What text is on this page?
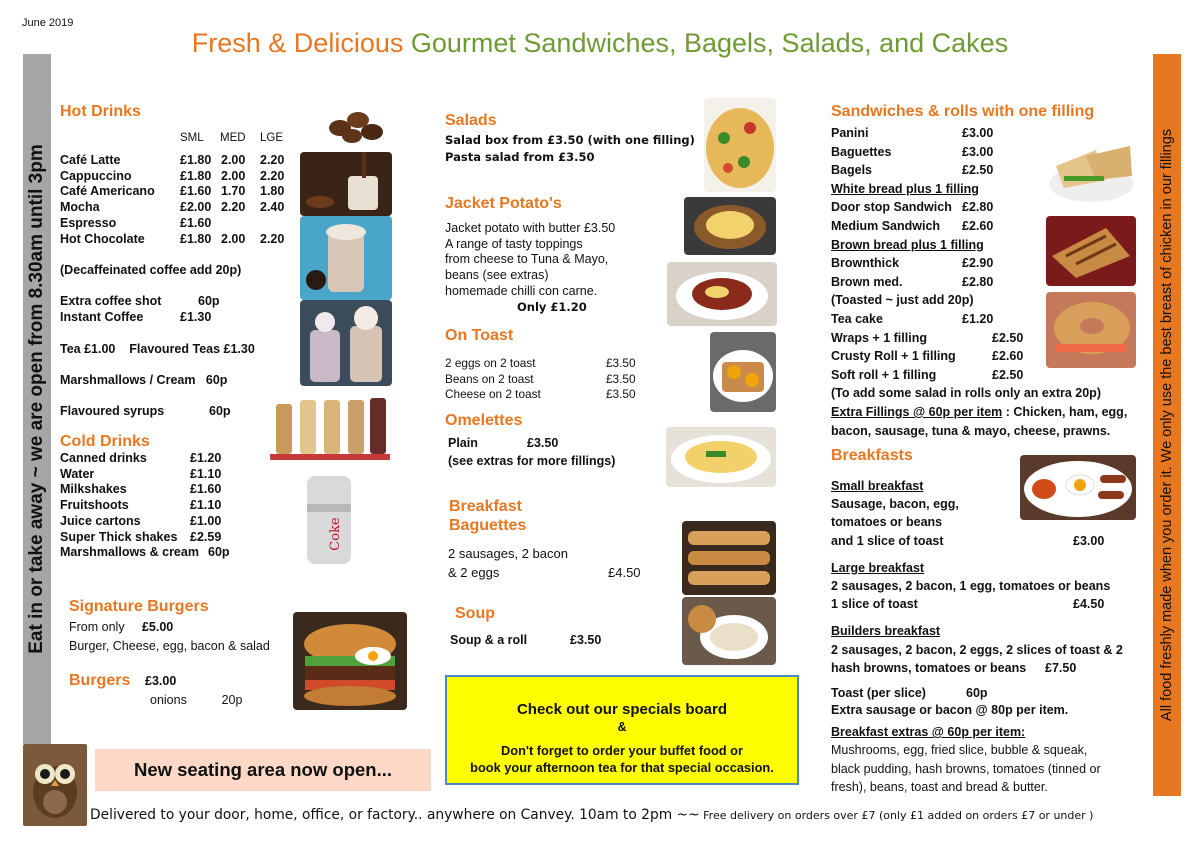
June 2019
Fresh & Delicious Gourmet Sandwiches, Bagels, Salads, and Cakes
Eat in or take away ~ we are open from 8.30am until 3pm	All food freshly made when you order it. We only use the best breast of chicken in our fillings
Hot Drinks
SML MED LGE
Café Latte	£1.80 2.00	2.20
Cappuccino	£1.80 2.00	2.20
Café Americano	£1.60 1.70	1.80
Mocha	£2.00 2.20	2.40
Espresso	£1.60
Hot Chocolate	£1.80 2.00	2.20
(Decaffeinated coffee add 20p)
Extra coffee shot	60p
Instant Coffee	£1.30
Tea £1.00 Flavoured Teas £1.30
Marshmallows / Cream 60p
Flavoured syrups	60p
Cold Drinks
Canned drinks	£1.20
Water	£1.10
Milkshakes	£1.60
Fruitshoots	£1.10
Juice cartons	£1.00
Super Thick shakes	£2.59
Marshmallows & cream 60p
Signature Burgers
From only £5.00
Burger, Cheese, egg, bacon & salad
Burgers £3.00
onions	20p
New seating area now open...
Coke
Salads
Salad box from £3.50 (with one filling)
Pasta salad from £3.50
Jacket Potato's
Jacket potato with butter £3.50
A range of tasty toppings
from cheese to Tuna & Mayo,
beans (see extras)
homemade chilli con carne.
Only £1.20
On Toast
2 eggs on 2 toast	£3.50
Beans on 2 toast	£3.50
Cheese on 2 toast	£3.50
Omelettes
Plain	£3.50
(see extras for more fillings)
Breakfast
Baguettes
2 sausages, 2 bacon
& 2 eggs	£4.50
Soup
Soup & a roll	£3.50
Check out our specials board
&
Don't forget to order your buffet food or
book your afternoon tea for that special occasion.
Sandwiches & rolls with one filling
Panini	£3.00
Baguettes	£3.00
Bagels	£2.50
White bread plus 1 filling
Door stop Sandwich £2.80
Medium Sandwich	£2.60
Brown bread plus 1 filling
Brownthick	£2.90
Brown med.	£2.80
(Toasted ~ just add 20p)
Tea cake	£1.20
Wraps + 1 filling	£2.50
Crusty Roll + 1 filling	£2.60
Soft roll + 1 filling	£2.50
(To add some salad in rolls only an extra 20p)
Extra Fillings @ 60p per item : Chicken, ham, egg,
bacon, sausage, tuna & mayo, cheese, prawns.
Breakfasts
Small breakfast
Sausage, bacon, egg,
tomatoes or beans
and 1 slice of toast	£3.00
Large breakfast
2 sausages, 2 bacon, 1 egg, tomatoes or beans
1 slice of toast	£4.50
Builders breakfast
2 sausages, 2 bacon, 2 eggs, 2 slices of toast & 2
hash browns, tomatoes or beans	£7.50
Toast (per slice)	60p
Extra sausage or bacon @ 80p per item.
Breakfast extras @ 60p per item:
Mushrooms, egg, fried slice, bubble & squeak,
black pudding, hash browns, tomatoes (tinned or
fresh), beans, toast and bread & butter.
Delivered to your door, home, office, or factory.. anywhere on Canvey. 10am to 2pm ~~ Free delivery on orders over £7 (only £1 added on orders £7 or under )
